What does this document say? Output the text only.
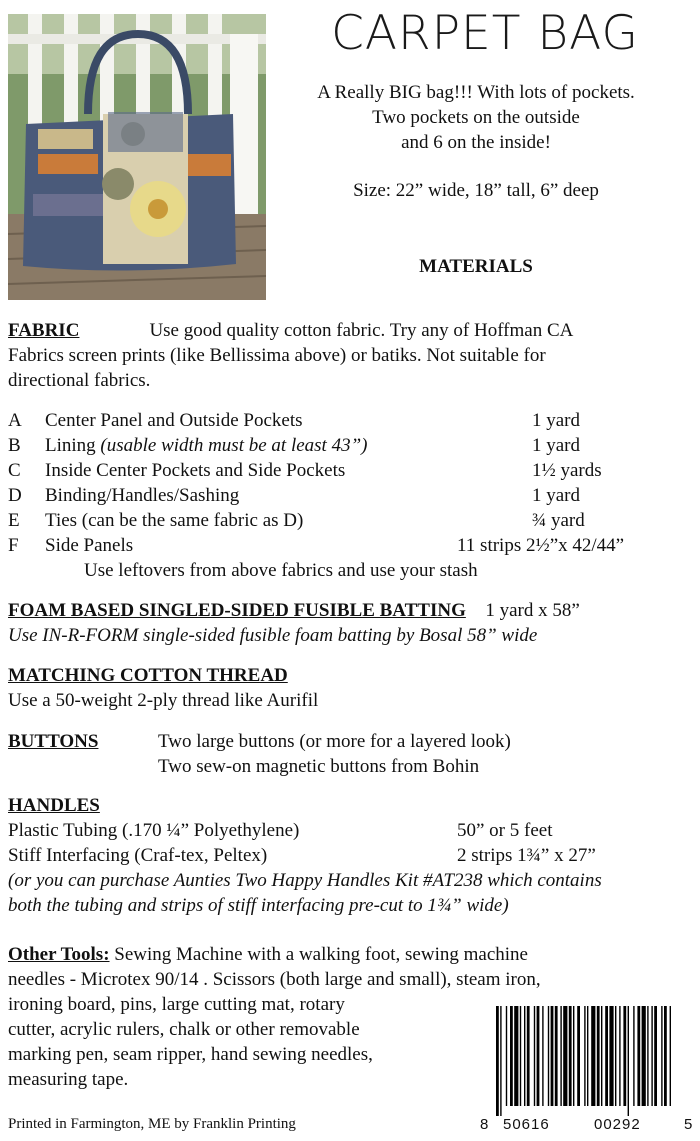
CARPET BAG
A Really BIG bag!!! With lots of pockets.
Two pockets on the outside
and 6 on the inside!
Size: 22” wide, 18” tall, 6” deep
MATERIALS
FABRIC	Use good quality cotton fabric. Try any of Hoffman CA
Fabrics screen prints (like Bellissima above) or batiks. Not suitable for
directional fabrics.
A Center Panel and Outside Pockets	1 yard
B Lining (usable width must be at least 43”)	1 yard
C Inside Center Pockets and Side Pockets	1½ yards
D Binding/Handles/Sashing	1 yard
E Ties (can be the same fabric as D)	¾ yard
F Side Panels	11 strips 2½”x 42/44”
Use leftovers from above fabrics and use your stash
FOAM BASED SINGLED-SIDED FUSIBLE BATTING 1 yard x 58”
Use IN-R-FORM single-sided fusible foam batting by Bosal 58” wide
MATCHING COTTON THREAD
Use a 50-weight 2-ply thread like Aurifil
BUTTONS	Two large buttons (or more for a layered look)
Two sew-on magnetic buttons from Bohin
HANDLES
Plastic Tubing (.170 ¼” Polyethylene)	50” or 5 feet
Stiff Interfacing (Craf-tex, Peltex)	2 strips 1¾” x 27”
(or you can purchase Aunties Two Happy Handles Kit #AT238 which contains
both the tubing and strips of stiff interfacing pre-cut to 1¾” wide)
Other Tools: Sewing Machine with a walking foot, sewing machine
needles - Microtex 90/14 . Scissors (both large and small), steam iron,
ironing board, pins, large cutting mat, rotary
cutter, acrylic rulers, chalk or other removable
marking pen, seam ripper, hand sewing needles,
measuring tape.
Printed in Farmington, ME by Franklin Printing	8 50616	00292	5
